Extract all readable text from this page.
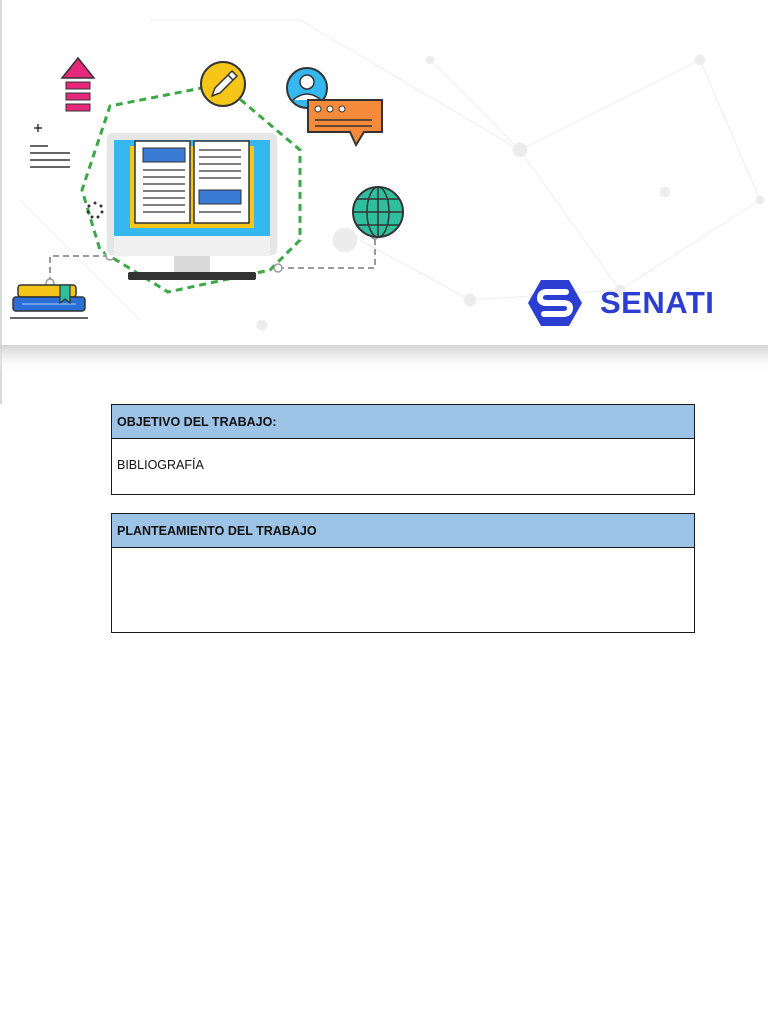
SENATI
OBJETIVO DEL TRABAJO:
BIBLIOGRAFÍA
PLANTEAMIENTO DEL TRABAJO
